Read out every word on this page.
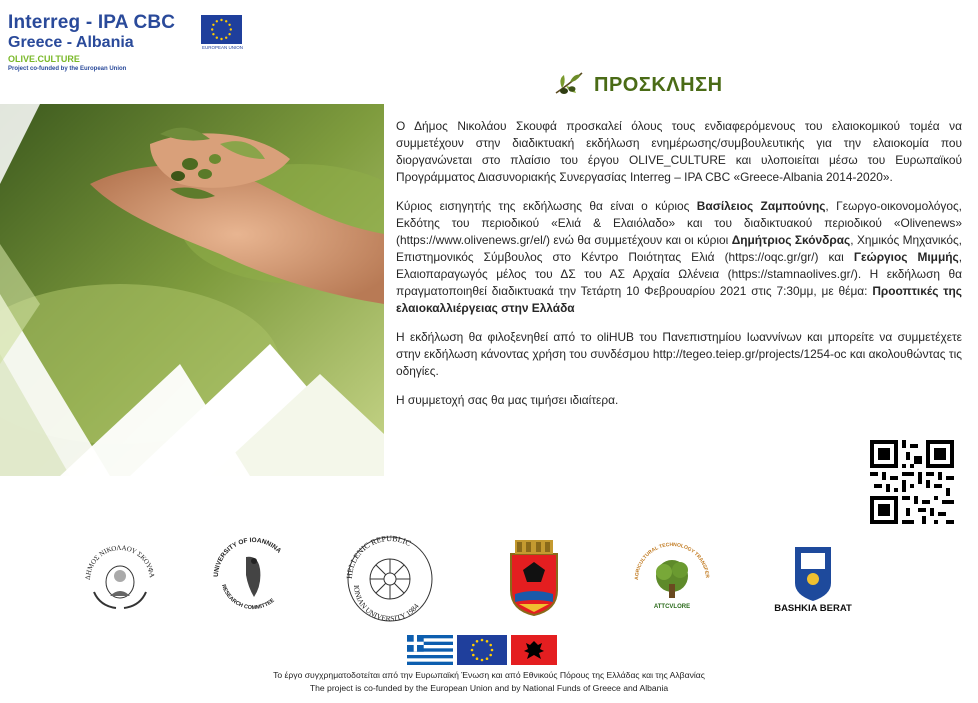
Interreg - IPA CBC
Greece - Albania
OLIVE.CULTURE
Project co-funded by the European Union
EUROPEAN UNION
ΠΡΟΣΚΛΗΣΗ

Ο Δήμος Νικολάου Σκουφά προσκαλεί όλους τους ενδιαφερόμενους του ελαιοκομικού τομέα να συμμετέχουν στην διαδικτυακή εκδήλωση ενημέρωσης/συμβουλευτικής για την ελαιοκομία που διοργανώνεται στο πλαίσιο του έργου OLIVE_CULTURE και υλοποιείται μέσω του Ευρωπαϊκού Προγράμματος Διασυνοριακής Συνεργασίας Interreg – IPA CBC «Greece-Albania 2014-2020».

Κύριος εισηγητής της εκδήλωσης θα είναι ο κύριος Βασίλειος Ζαμπούνης, Γεωργο-οικονομολόγος, Εκδότης του περιοδικού «Ελιά & Ελαιόλαδο» και του διαδικτυακού περιοδικού «Olivenews» (https://www.olivenews.gr/el/) ενώ θα συμμετέχουν και οι κύριοι Δημήτριος Σκόνδρας, Χημικός Μηχανικός, Επιστημονικός Σύμβουλος στο Κέντρο Ποιότητας Ελιά (https://oqc.gr/gr/) και Γεώργιος Μιμμής, Ελαιοπαραγωγός μέλος του ΔΣ του ΑΣ Αρχαία Ωλένεια (https://stamnaolives.gr/). Η εκδήλωση θα πραγματοποιηθεί διαδικτυακά την Τετάρτη 10 Φεβρουαρίου 2021 στις 7:30μμ, με θέμα: Προοπτικές της ελαιοκαλλιέργειας στην Ελλάδα

Η εκδήλωση θα φιλοξενηθεί από το oliHUB του Πανεπιστημίου Ιωαννίνων και μπορείτε να συμμετέχετε στην εκδήλωση κάνοντας χρήση του συνδέσμου http://tegeo.teiep.gr/projects/1254-oc και ακολουθώντας τις οδηγίες.

Η συμμετοχή σας θα μας τιμήσει ιδιαίτερα.

ΔΗΜΟΣ ΝΙΚΟΛΑΟΥ ΣΚΟΥΦΑ	UNIVERSITY OF IOANNINA
RESEARCH COMMITTEE
HELLENIC REPUBLIC
IONIAN UNIVERSITY 1984
AGRICULTURAL TECHNOLOGY TRANSFER
ATTCVLORE	BASHKIA BERAT
Το έργο συγχρηματοδοτείται από την Ευρωπαϊκή Ένωση και από Εθνικούς Πόρους της Ελλάδας και της Αλβανίας
The project is co-funded by the European Union and by National Funds of Greece and Albania
